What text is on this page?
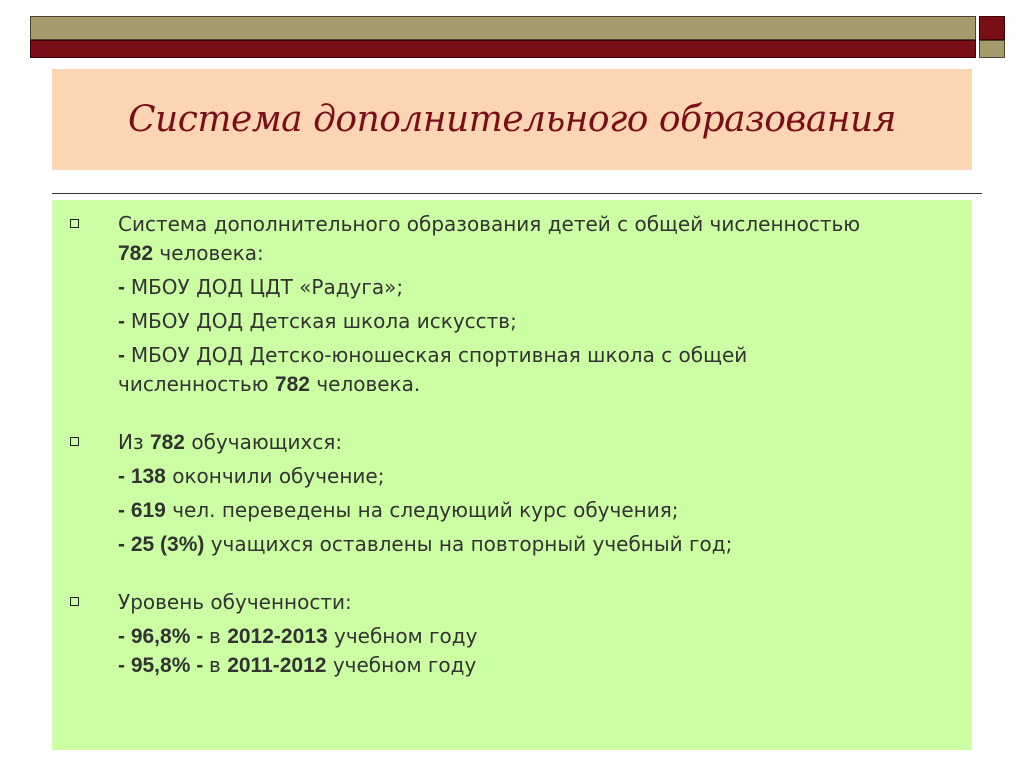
Система дополнительного образования

Система дополнительного образования детей с общей численностью

782 человека:

- МБОУ ДОД ЦДТ «Радуга»;

- МБОУ ДОД Детская школа искусств;

- МБОУ ДОД Детско-юношеская спортивная школа с общей

численностью 782 человека.

Из 782 обучающихся:

- 138 окончили обучение;

- 619 чел. переведены на следующий курс обучения;

- 25 (3%) учащихся оставлены на повторный учебный год;

Уровень обученности:

- 96,8% - в 2012-2013 учебном году

- 95,8% - в 2011-2012 учебном году
